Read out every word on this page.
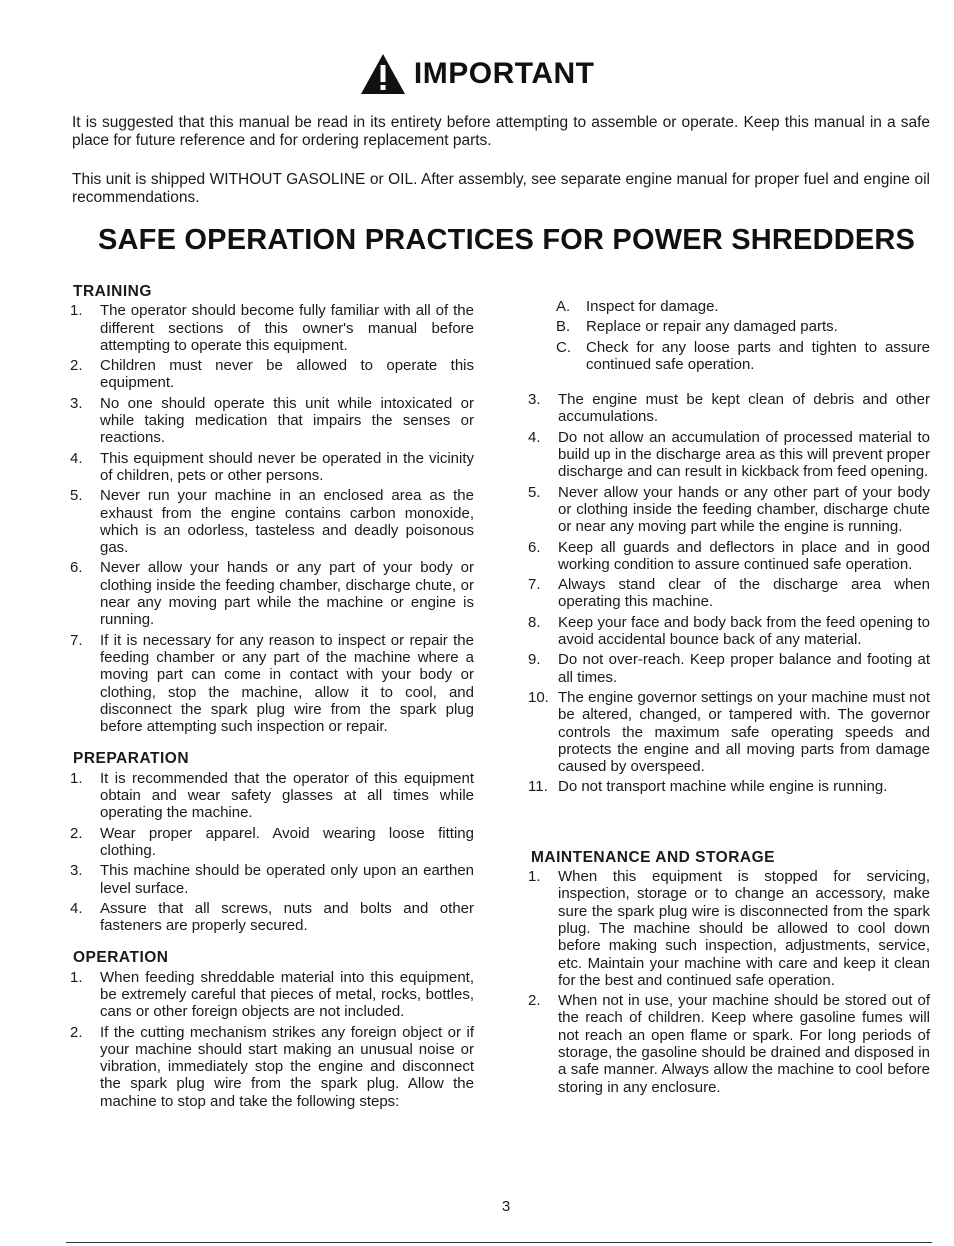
IMPORTANT
It is suggested that this manual be read in its entirety before attempting to assemble or operate. Keep this manual in a safe place for future reference and for ordering replacement parts.
This unit is shipped WITHOUT GASOLINE or OIL. After assembly, see separate engine manual for proper fuel and engine oil recommendations.
SAFE OPERATION PRACTICES FOR POWER SHREDDERS
TRAINING
1.	The operator should become fully familiar with all of the different sections of this owner's manual before attempting to operate this equipment.
2.	Children must never be allowed to operate this equipment.
3.	No one should operate this unit while intoxicated or while taking medication that impairs the senses or reactions.
4.	This equipment should never be operated in the vicinity of children, pets or other persons.
5.	Never run your machine in an enclosed area as the exhaust from the engine contains carbon monoxide, which is an odorless, tasteless and deadly poisonous gas.
6.	Never allow your hands or any part of your body or clothing inside the feeding chamber, discharge chute, or near any moving part while the machine or engine is running.
7.	If it is necessary for any reason to inspect or repair the feeding chamber or any part of the machine where a moving part can come in contact with your body or clothing, stop the machine, allow it to cool, and disconnect the spark plug wire from the spark plug before attempting such inspection or repair.
PREPARATION
1.	It is recommended that the operator of this equipment obtain and wear safety glasses at all times while operating the machine.
2.	Wear proper apparel. Avoid wearing loose fitting clothing.
3.	This machine should be operated only upon an earthen level surface.
4.	Assure that all screws, nuts and bolts and other fasteners are properly secured.
OPERATION
1.	When feeding shreddable material into this equipment, be extremely careful that pieces of metal, rocks, bottles, cans or other foreign objects are not included.
2.	If the cutting mechanism strikes any foreign object or if your machine should start making an unusual noise or vibration, immediately stop the engine and disconnect the spark plug wire from the spark plug. Allow the machine to stop and take the following steps:
A.	Inspect for damage.
B.	Replace or repair any damaged parts.
C.	Check for any loose parts and tighten to assure continued safe operation.
3.	The engine must be kept clean of debris and other accumulations.
4.	Do not allow an accumulation of processed material to build up in the discharge area as this will prevent proper discharge and can result in kickback from feed opening.
5.	Never allow your hands or any other part of your body or clothing inside the feeding chamber, discharge chute or near any moving part while the engine is running.
6.	Keep all guards and deflectors in place and in good working condition to assure continued safe operation.
7.	Always stand clear of the discharge area when operating this machine.
8.	Keep your face and body back from the feed opening to avoid accidental bounce back of any material.
9.	Do not over-reach. Keep proper balance and footing at all times.
10. The engine governor settings on your machine must not be altered, changed, or tampered with. The governor controls the maximum safe operating speeds and protects the engine and all moving parts from damage caused by overspeed.
11. Do not transport machine while engine is running.
MAINTENANCE AND STORAGE
1.	When this equipment is stopped for servicing, inspection, storage or to change an accessory, make sure the spark plug wire is disconnected from the spark plug. The machine should be allowed to cool down before making such inspection, adjustments, service, etc. Maintain your machine with care and keep it clean for the best and continued safe operation.
2.	When not in use, your machine should be stored out of the reach of children. Keep where gasoline fumes will not reach an open flame or spark. For long periods of storage, the gasoline should be drained and disposed in a safe manner. Always allow the machine to cool before storing in any enclosure.
3
